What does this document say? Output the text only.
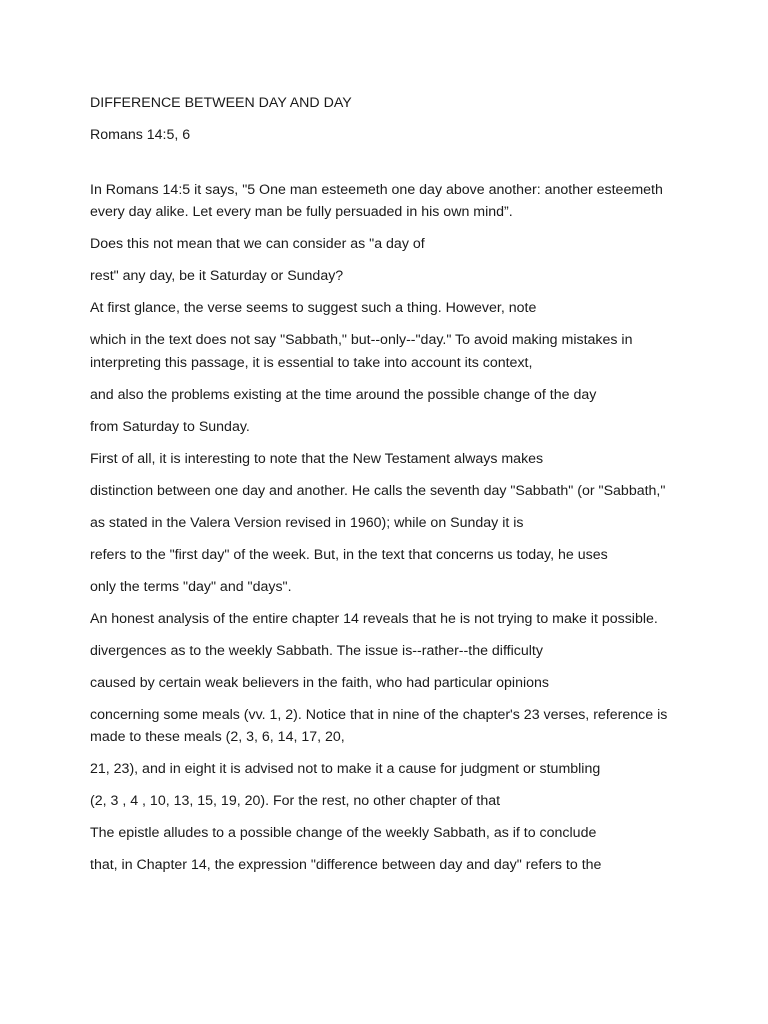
DIFFERENCE BETWEEN DAY AND DAY

Romans 14:5, 6

In Romans 14:5 it says, "5 One man esteemeth one day above another: another esteemeth every day alike. Let every man be fully persuaded in his own mind”.

Does this not mean that we can consider as "a day of

rest" any day, be it Saturday or Sunday?

At first glance, the verse seems to suggest such a thing. However, note

which in the text does not say "Sabbath," but--only--"day." To avoid making mistakes in interpreting this passage, it is essential to take into account its context,

and also the problems existing at the time around the possible change of the day

from Saturday to Sunday.

First of all, it is interesting to note that the New Testament always makes

distinction between one day and another. He calls the seventh day "Sabbath" (or "Sabbath,"

as stated in the Valera Version revised in 1960); while on Sunday it is

refers to the "first day" of the week. But, in the text that concerns us today, he uses

only the terms "day" and "days".

An honest analysis of the entire chapter 14 reveals that he is not trying to make it possible.

divergences as to the weekly Sabbath. The issue is--rather--the difficulty

caused by certain weak believers in the faith, who had particular opinions

concerning some meals (vv. 1, 2). Notice that in nine of the chapter's 23 verses, reference is made to these meals (2, 3, 6, 14, 17, 20,

21, 23), and in eight it is advised not to make it a cause for judgment or stumbling

(2, 3 , 4 , 10, 13, 15, 19, 20). For the rest, no other chapter of that

The epistle alludes to a possible change of the weekly Sabbath, as if to conclude

that, in Chapter 14, the expression "difference between day and day" refers to the
